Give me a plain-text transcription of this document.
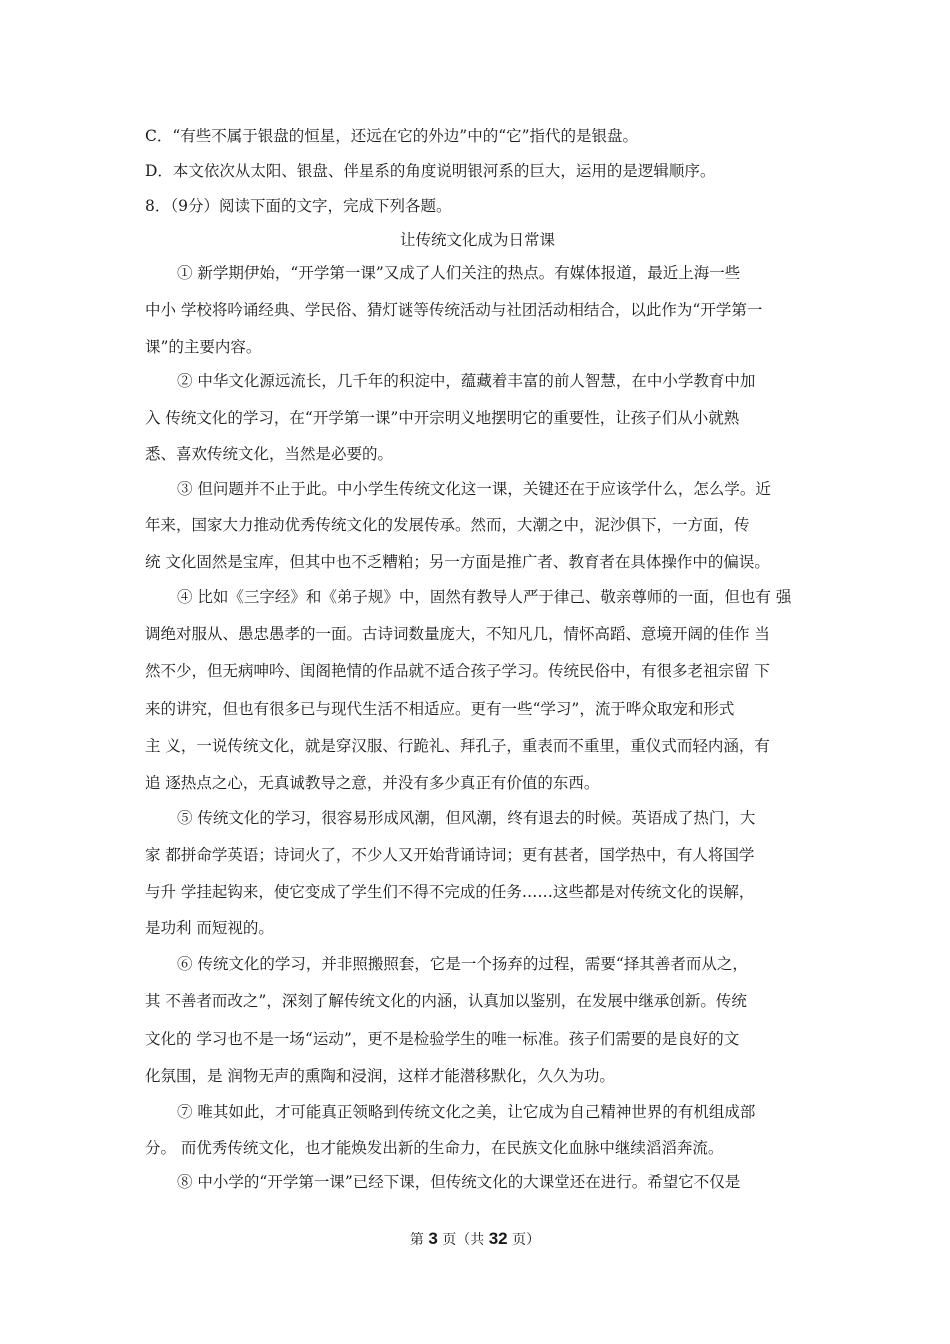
C．“有些不属于银盘的恒星，还远在它的外边”中的“它”指代的是银盘。
D．本文依次从太阳、银盘、伴星系的角度说明银河系的巨大，运用的是逻辑顺序。
8．（9分）阅读下面的文字，完成下列各题。
让传统文化成为日常课
① 新学期伊始，“开学第一课”又成了人们关注的热点。有媒体报道，最近上海一些
中小 学校将吟诵经典、学民俗、猜灯谜等传统活动与社团活动相结合，以此作为“开学第一
课”的主要内容。
② 中华文化源远流长，几千年的积淀中，蕴藏着丰富的前人智慧，在中小学教育中加
入 传统文化的学习，在“开学第一课”中开宗明义地摆明它的重要性，让孩子们从小就熟
悉、喜欢传统文化，当然是必要的。
③ 但问题并不止于此。中小学生传统文化这一课，关键还在于应该学什么，怎么学。近
年来，国家大力推动优秀传统文化的发展传承。然而，大潮之中，泥沙俱下，一方面，传
统 文化固然是宝库，但其中也不乏糟粕；另一方面是推广者、教育者在具体操作中的偏误。
④ 比如《三字经》和《弟子规》中，固然有教导人严于律己、敬亲尊师的一面，但也有 强
调绝对服从、愚忠愚孝的一面。古诗词数量庞大，不知凡几，情怀高蹈、意境开阔的佳作 当
然不少，但无病呻吟、闺阁艳情的作品就不适合孩子学习。传统民俗中，有很多老祖宗留 下
来的讲究，但也有很多已与现代生活不相适应。更有一些“学习”，流于哗众取宠和形式
主 义，一说传统文化，就是穿汉服、行跪礼、拜孔子，重表而不重里，重仪式而轻内涵，有
追 逐热点之心，无真诚教导之意，并没有多少真正有价值的东西。
⑤ 传统文化的学习，很容易形成风潮，但风潮，终有退去的时候。英语成了热门，大
家 都拼命学英语；诗词火了，不少人又开始背诵诗词；更有甚者，国学热中，有人将国学
与升 学挂起钩来，使它变成了学生们不得不完成的任务……这些都是对传统文化的误解，
是功利 而短视的。
⑥ 传统文化的学习，并非照搬照套，它是一个扬弃的过程，需要“择其善者而从之，
其 不善者而改之”，深刻了解传统文化的内涵，认真加以鉴别，在发展中继承创新。传统
文化的 学习也不是一场“运动”，更不是检验学生的唯一标准。孩子们需要的是良好的文
化氛围，是 润物无声的熏陶和浸润，这样才能潜移默化，久久为功。
⑦ 唯其如此，才可能真正领略到传统文化之美，让它成为自己精神世界的有机组成部
分。 而优秀传统文化，也才能焕发出新的生命力，在民族文化血脉中继续滔滔奔流。
⑧ 中小学的“开学第一课”已经下课，但传统文化的大课堂还在进行。希望它不仅是
第 3 页（共 32 页）
